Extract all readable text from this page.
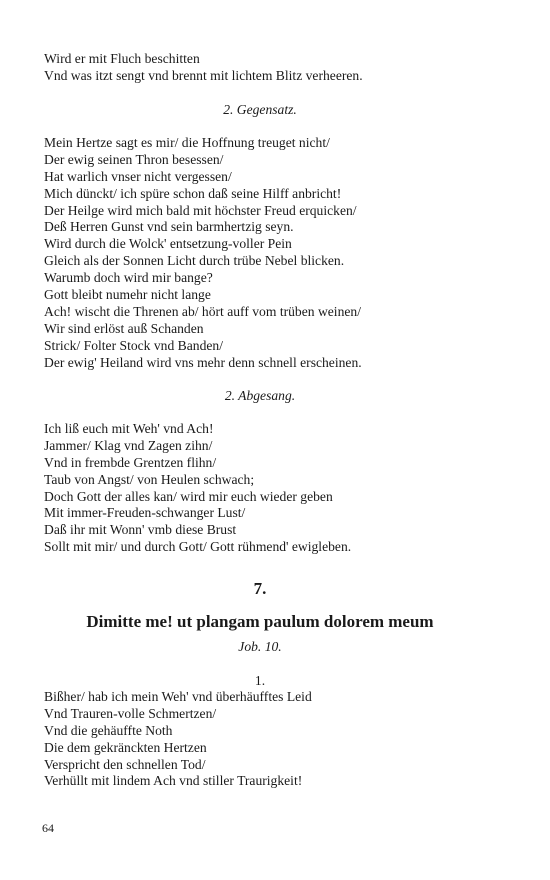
Wird er mit Fluch beschitten
Vnd was itzt sengt vnd brennt mit lichtem Blitz verheeren.
2. Gegensatz.
Mein Hertze sagt es mir/ die Hoffnung treuget nicht/
Der ewig seinen Thron besessen/
Hat warlich vnser nicht vergessen/
Mich dünckt/ ich spüre schon daß seine Hilff anbricht!
Der Heilge wird mich bald mit höchster Freud erquicken/
Deß Herren Gunst vnd sein barmhertzig seyn.
Wird durch die Wolck' entsetzung-voller Pein
Gleich als der Sonnen Licht durch trübe Nebel blicken.
Warumb doch wird mir bange?
Gott bleibt numehr nicht lange
Ach! wischt die Threnen ab/ hört auff vom trüben weinen/
Wir sind erlöst auß Schanden
Strick/ Folter Stock vnd Banden/
Der ewig' Heiland wird vns mehr denn schnell erscheinen.
2. Abgesang.
Ich liß euch mit Weh' vnd Ach!
Jammer/ Klag vnd Zagen zihn/
Vnd in frembde Grentzen flihn/
Taub von Angst/ von Heulen schwach;
Doch Gott der alles kan/ wird mir euch wieder geben
Mit immer-Freuden-schwanger Lust/
Daß ihr mit Wonn' vmb diese Brust
Sollt mit mir/ und durch Gott/ Gott rühmend' ewigleben.
7.
Dimitte me! ut plangam paulum dolorem meum
Job. 10.
1.
Bißher/ hab ich mein Weh' vnd überhäufftes Leid
Vnd Trauren-volle Schmertzen/
Vnd die gehäuffte Noth
Die dem gekränckten Hertzen
Verspricht den schnellen Tod/
Verhüllt mit lindem Ach vnd stiller Traurigkeit!
64
